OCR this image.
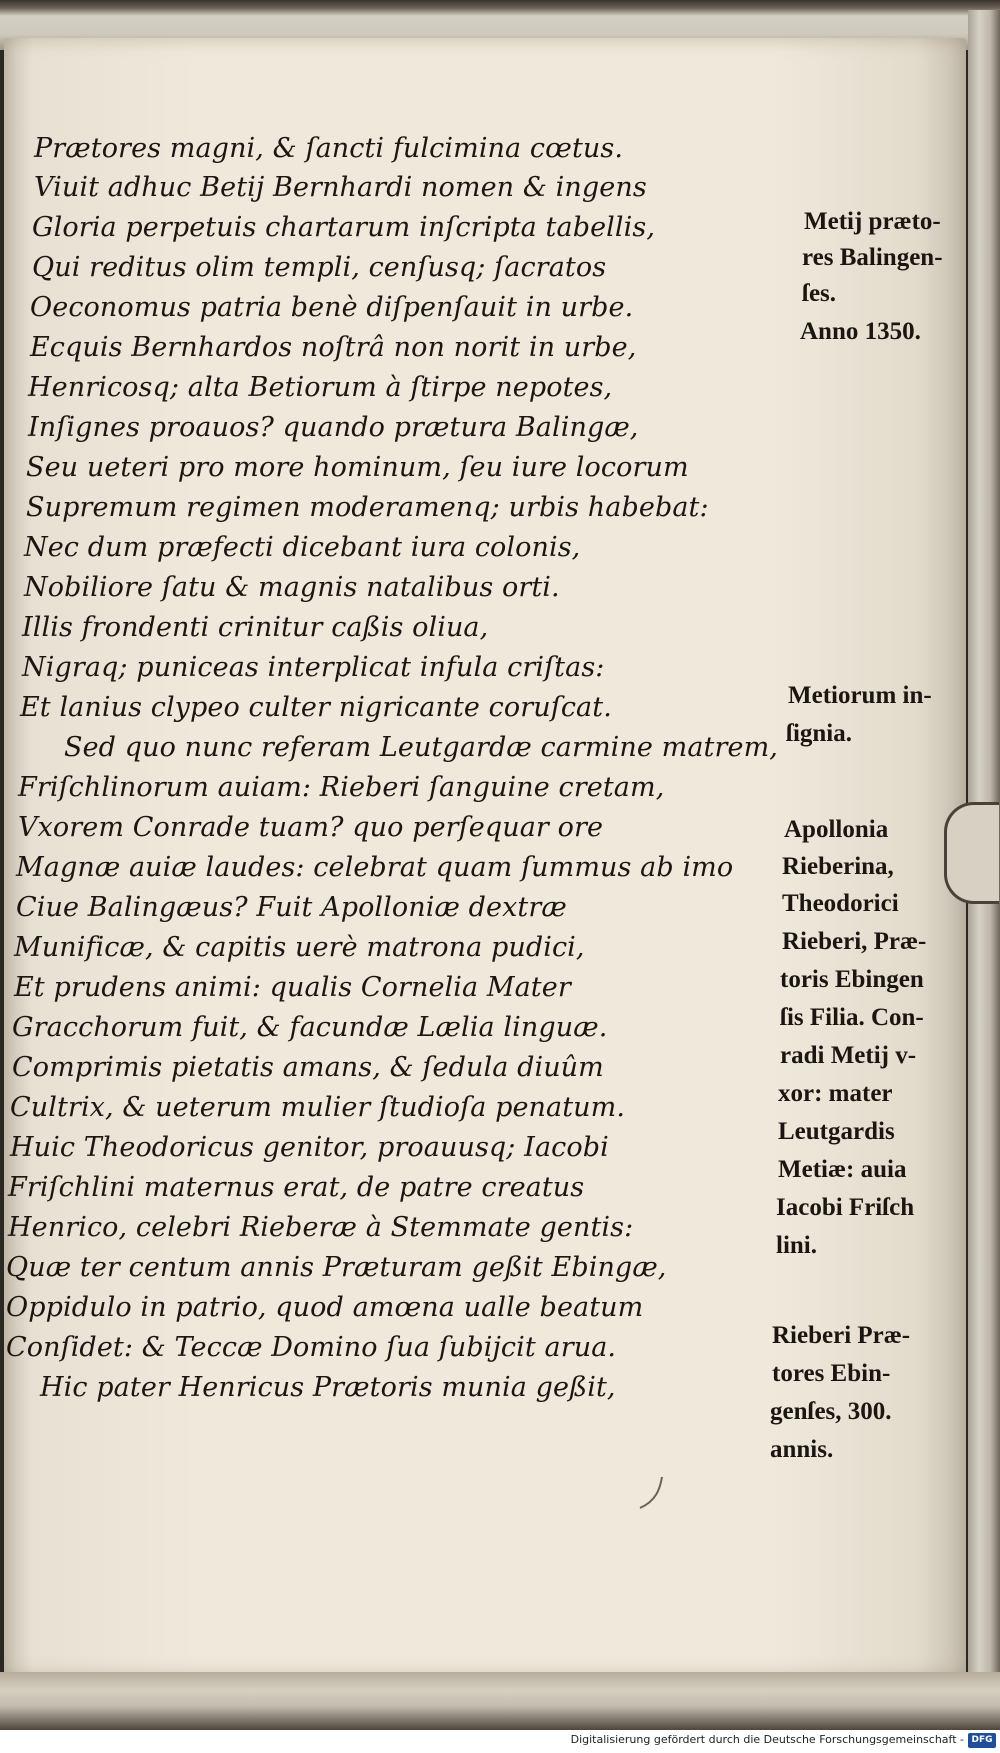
Prætores magni, & ſancti fulcimina cœtus.
Viuit adhuc Betij Bernhardi nomen & ingens
Gloria perpetuis chartarum inſcripta tabellis,
Qui reditus olim templi, cenſusq; ſacratos
Oeconomus patria benè diſpenſauit in urbe.
Ecquis Bernhardos noſtrâ non norit in urbe,
Henricosq; alta Betiorum à ſtirpe nepotes,
Inſignes proauos? quando prætura Balingæ,
Seu ueteri pro more hominum, ſeu iure locorum
Supremum regimen moderamenq; urbis habebat:
Nec dum præfecti dicebant iura colonis,
Nobiliore ſatu & magnis natalibus orti.
Illis frondenti crinitur caßis oliua,
Nigraq; puniceas interplicat infula criſtas:
Et lanius clypeo culter nigricante coruſcat.
Sed quo nunc referam Leutgardæ carmine matrem,
Friſchlinorum auiam: Rieberi ſanguine cretam,
Vxorem Conrade tuam? quo perſequar ore
Magnæ auiæ laudes: celebrat quam ſummus ab imo
Ciue Balingæus? Fuit Apolloniæ dextræ
Munificæ, & capitis uerè matrona pudici,
Et prudens animi: qualis Cornelia Mater
Gracchorum fuit, & facundæ Lælia linguæ.
Comprimis pietatis amans, & ſedula diuûm
Cultrix, & ueterum mulier ſtudioſa penatum.
Huic Theodoricus genitor, proauusq; Iacobi
Friſchlini maternus erat, de patre creatus
Henrico, celebri Rieberæ à Stemmate gentis:
Quæ ter centum annis Præturam geßit Ebingæ,
Oppidulo in patrio, quod amœna ualle beatum
Conſidet: & Teccæ Domino ſua ſubijcit arua.
Hic pater Henricus Prætoris munia geßit,
Metij præto-
res Balingen-
ſes.
Anno 1350.
Metiorum in-
ſignia.
Apollonia
Rieberina,
Theodorici
Rieberi, Præ-
toris Ebingen
ſis Filia. Con-
radi Metij v-
xor: mater
Leutgardis
Metiæ: auia
Iacobi Friſch
lini.
Rieberi Præ-
tores Ebin-
genſes, 300.
annis.
Digitalisierung gefördert durch die Deutsche Forschungsgemeinschaft - DFG
